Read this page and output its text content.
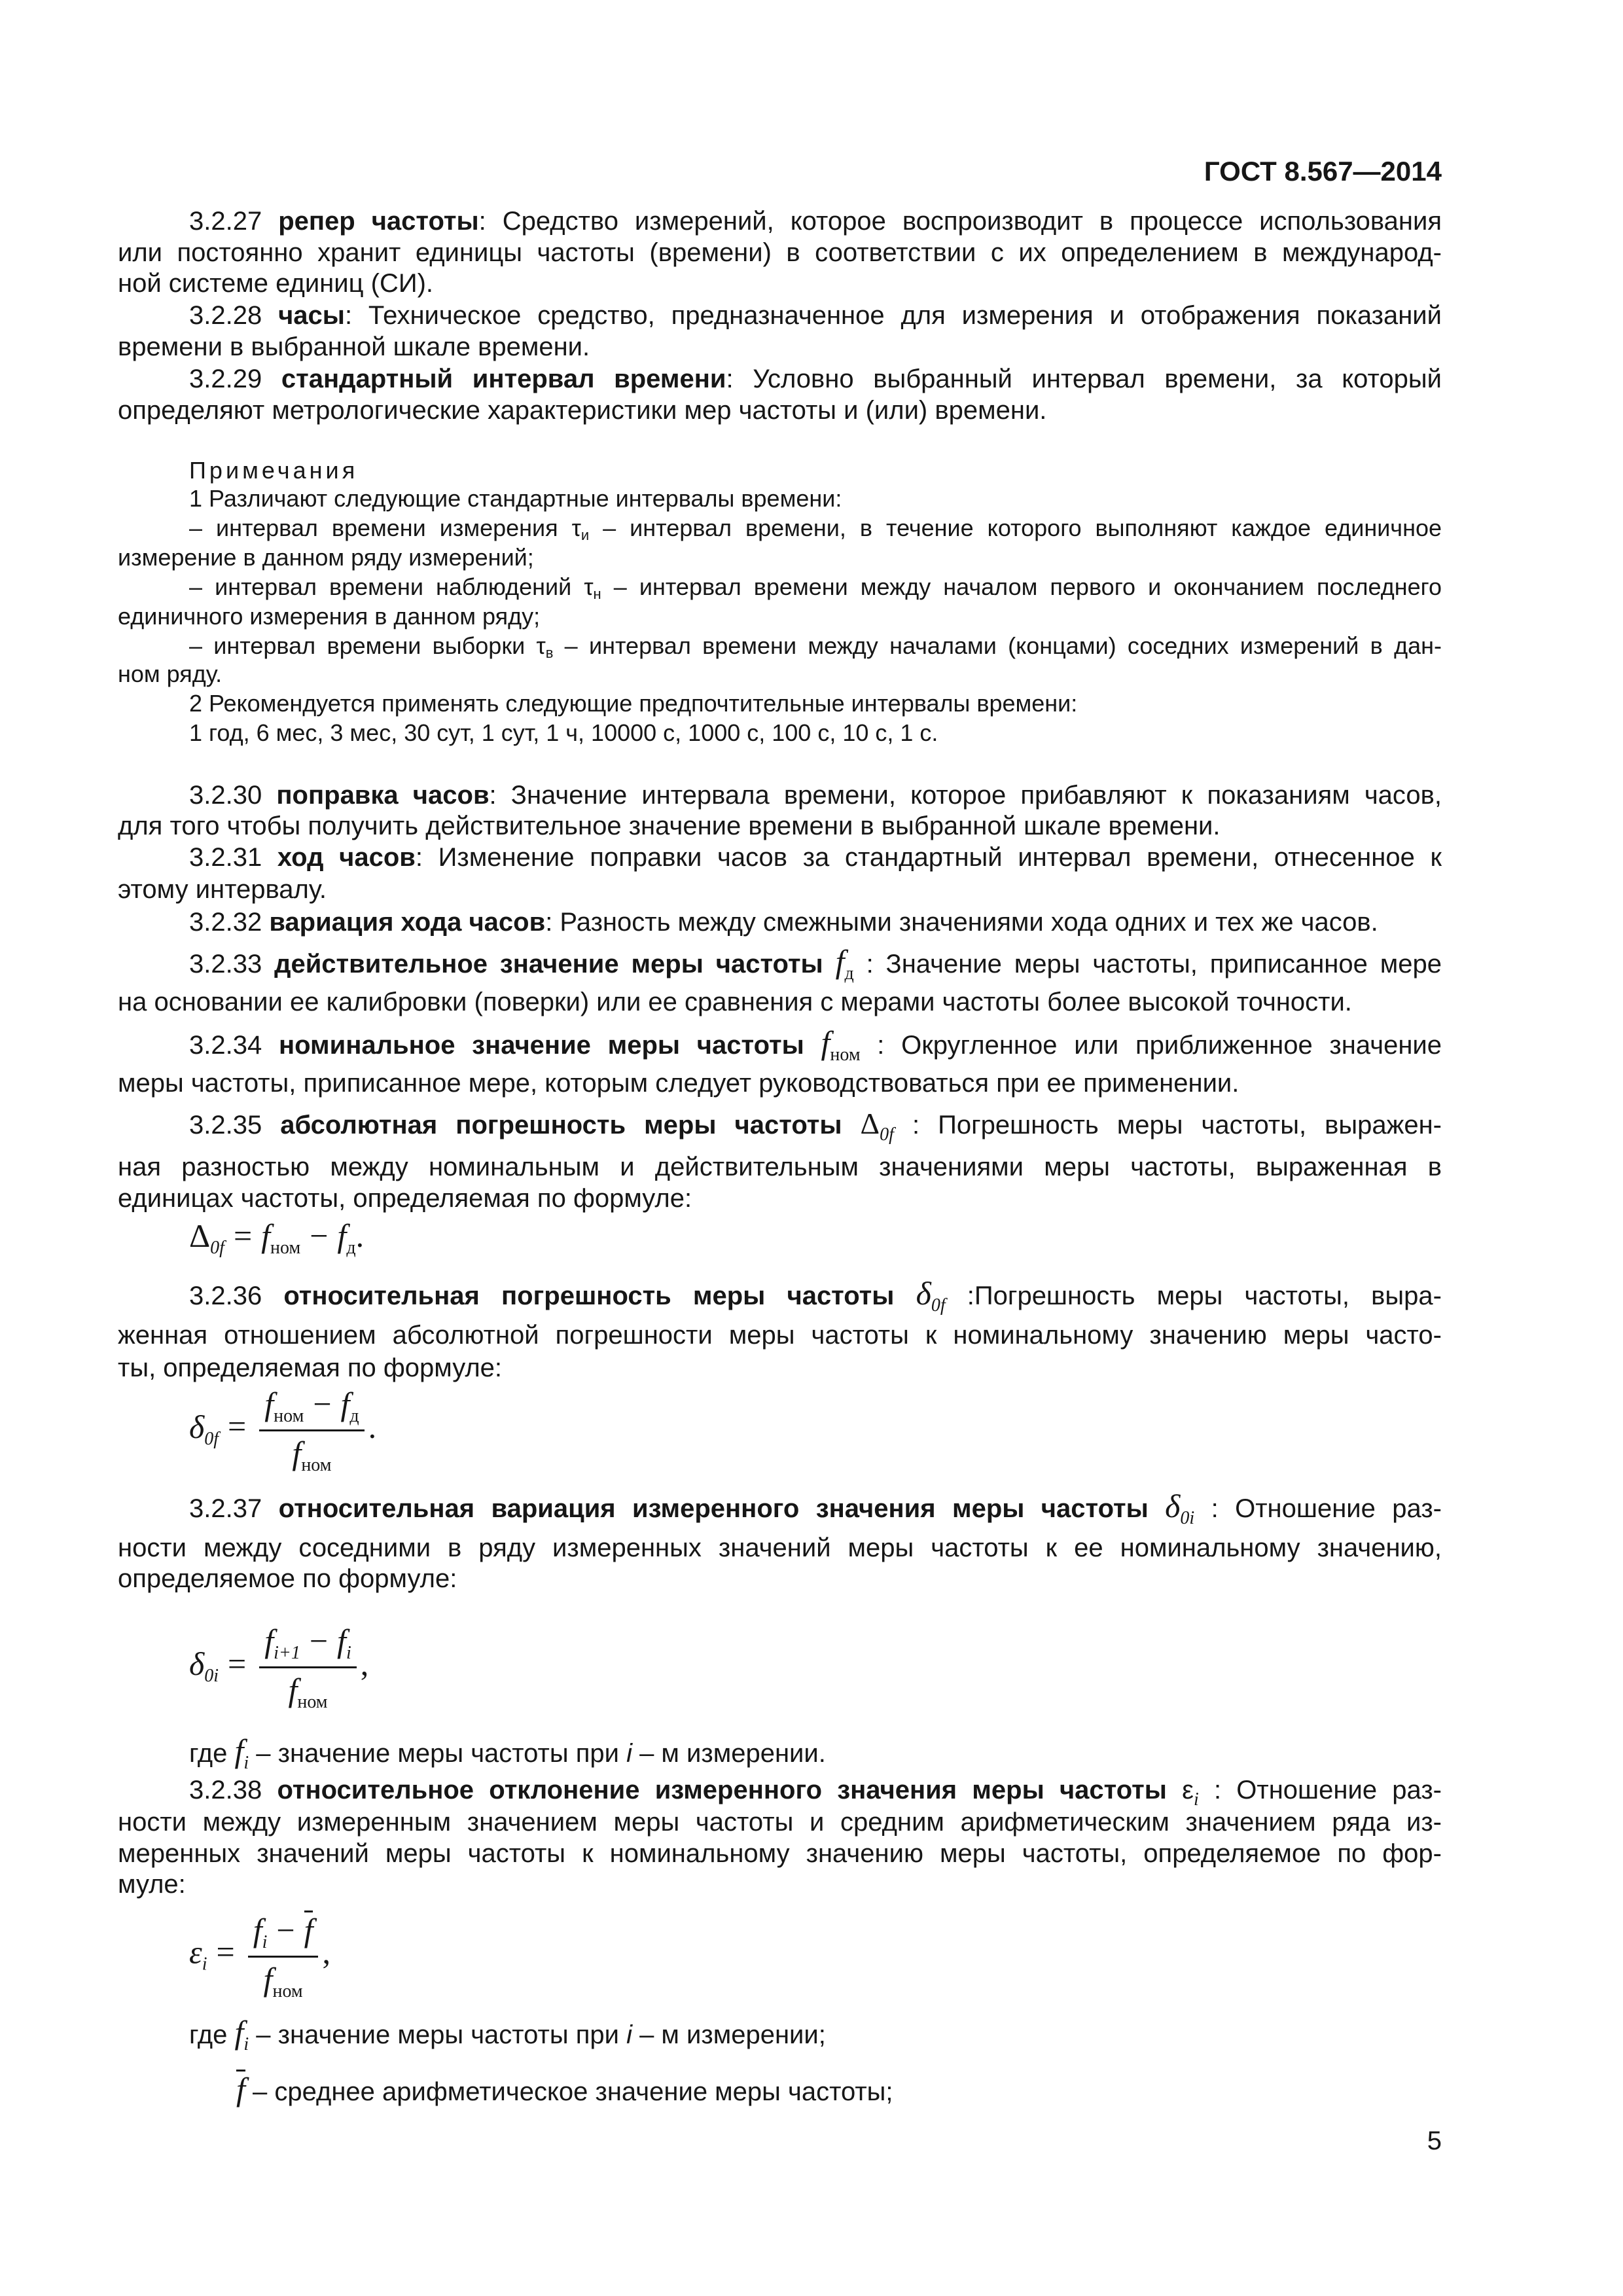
ГОСТ 8.567—2014
3.2.27 репер частоты: Средство измерений, которое воспроизводит в процессе использования
или постоянно хранит единицы частоты (времени) в соответствии с их определением в международ-
ной системе единиц (СИ).
3.2.28 часы: Техническое средство, предназначенное для измерения и отображения показаний
времени в выбранной шкале времени.
3.2.29 стандартный интервал времени: Условно выбранный интервал времени, за который
определяют метрологические характеристики мер частоты и (или) времени.
Примечания
1 Различают следующие стандартные интервалы времени:
– интервал времени измерения $\tau_и$ – интервал времени, в течение которого выполняют каждое единичное
измерение в данном ряду измерений;
– интервал времени наблюдений $\tau_н$ – интервал времени между началом первого и окончанием последнего
единичного измерения в данном ряду;
– интервал времени выборки $\tau_в$ – интервал времени между началами (концами) соседних измерений в дан-
ном ряду.
2 Рекомендуется применять следующие предпочтительные интервалы времени:
1 год, 6 мес, 3 мес, 30 сут, 1 сут, 1 ч, 10000 с, 1000 с, 100 с, 10 с, 1 с.
3.2.30 поправка часов: Значение интервала времени, которое прибавляют к показаниям часов,
для того чтобы получить действительное значение времени в выбранной шкале времени.
3.2.31 ход часов: Изменение поправки часов за стандартный интервал времени, отнесенное к
этому интервалу.
3.2.32 вариация хода часов: Разность между смежными значениями хода одних и тех же часов.
3.2.33 действительное значение меры частоты $f_д$ : Значение меры частоты, приписанное мере
на основании ее калибровки (поверки) или ее сравнения с мерами частоты более высокой точности.
3.2.34 номинальное значение меры частоты $f_{ном}$ : Округленное или приближенное значение
меры частоты, приписанное мере, которым следует руководствоваться при ее применении.
3.2.35 абсолютная погрешность меры частоты $\Delta_{0f}$ : Погрешность меры частоты, выражен-
ная разностью между номинальным и действительным значениями меры частоты, выраженная в
единицах частоты, определяемая по формуле:
$\Delta_{0f} = f_{ном} - f_д$.
3.2.36 относительная погрешность меры частоты $\delta_{0f}$ :Погрешность меры частоты, выра-
женная отношением абсолютной погрешности меры частоты к номинальному значению меры часто-
ты, определяемая по формуле:
$\delta_{0f}$ =
$f_{ном} - f_д$
$f_{ном}$
.
3.2.37 относительная вариация измеренного значения меры частоты $\delta_{0i}$ : Отношение раз-
ности между соседними в ряду измеренных значений меры частоты к ее номинальному значению,
определяемое по формуле:
$\delta_{0i}$ =
$f_{i+1} - f_i$
$f_{ном}$
,
где $f_i$ – значение меры частоты при i – м измерении.
3.2.38 относительное отклонение измеренного значения меры частоты $\varepsilon_i$ : Отношение раз-
ности между измеренным значением меры частоты и средним арифметическим значением ряда из-
меренных значений меры частоты к номинальному значению меры частоты, определяемое по фор-
муле:
$\varepsilon_i$ =
$f_i - f$
$f_{ном}$
,
где $f_i$ – значение меры частоты при i – м измерении;
f – среднее арифметическое значение меры частоты;
5
